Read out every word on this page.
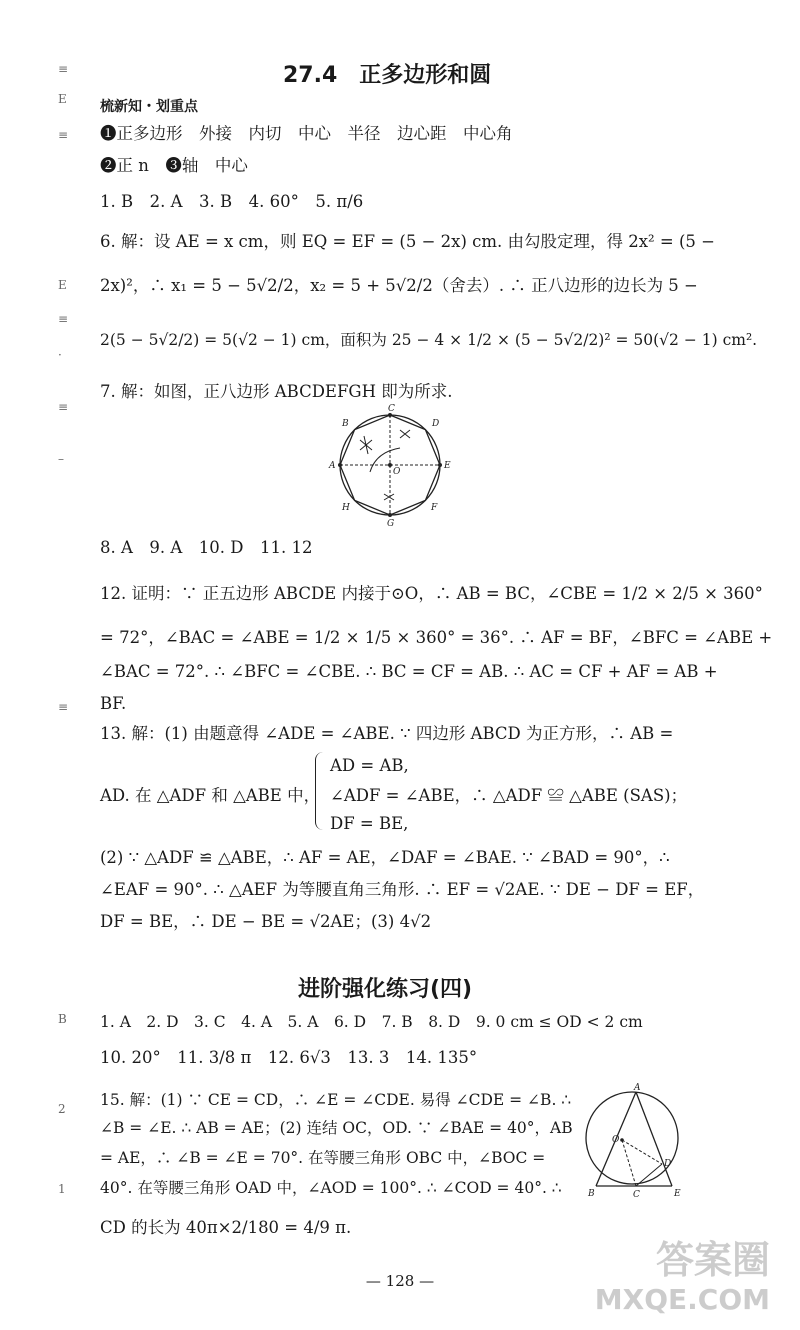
≡
E
≡
E
≡
·
≡
–
≡
B
2
1
27.4　正多边形和圆
梳新知・划重点
❶正多边形　外接　内切　中心　半径　边心距　中心角
❷正 n　❸轴　中心
1. B　2. A　3. B　4. 60°　5. π/6
6. 解：设 AE = x cm，则 EQ = EF = (5 − 2x) cm. 由勾股定理，得 2x² = (5 −
2x)²，∴ x₁ = 5 − 5√2/2，x₂ = 5 + 5√2/2（舍去）. ∴ 正八边形的边长为 5 −
2(5 − 5√2/2) = 5(√2 − 1) cm，面积为 25 − 4 × 1/2 × (5 − 5√2/2)² = 50(√2 − 1) cm².
7. 解：如图，正八边形 ABCDEFGH 即为所求.
A
B
C
D
E
F
G
H
O
8. A　9. A　10. D　11. 12
12. 证明：∵ 正五边形 ABCDE 内接于⊙O，∴ AB = BC，∠CBE = 1/2 × 2/5 × 360°
= 72°，∠BAC = ∠ABE = 1/2 × 1/5 × 360° = 36°. ∴ AF = BF，∠BFC = ∠ABE +
∠BAC = 72°. ∴ ∠BFC = ∠CBE. ∴ BC = CF = AB. ∴ AC = CF + AF = AB +
BF.
13. 解：(1) 由题意得 ∠ADE = ∠ABE. ∵ 四边形 ABCD 为正方形，∴ AB =
AD = AB,
AD. 在 △ADF 和 △ABE 中， ∠ADF = ∠ABE，∴ △ADF ≌ △ABE (SAS)；
DF = BE,
(2) ∵ △ADF ≌ △ABE，∴ AF = AE，∠DAF = ∠BAE. ∵ ∠BAD = 90°，∴
∠EAF = 90°. ∴ △AEF 为等腰直角三角形. ∴ EF = √2AE. ∵ DE − DF = EF，
DF = BE，∴ DE − BE = √2AE；(3) 4√2
进阶强化练习(四)
1. A　2. D　3. C　4. A　5. A　6. D　7. B　8. D　9. 0 cm ≤ OD < 2 cm
10. 20°　11. 3/8 π　12. 6√3　13. 3　14. 135°
15. 解：(1) ∵ CE = CD，∴ ∠E = ∠CDE. 易得 ∠CDE = ∠B. ∴
∠B = ∠E. ∴ AB = AE；(2) 连结 OC，OD. ∵ ∠BAE = 40°，AB
= AE，∴ ∠B = ∠E = 70°. 在等腰三角形 OBC 中，∠BOC =
40°. 在等腰三角形 OAD 中，∠AOD = 100°. ∴ ∠COD = 40°. ∴
CD 的长为 40π×2/180 = 4/9 π.
A
O
D
B	C	E
— 128 —	答案圈
MXQE.COM
